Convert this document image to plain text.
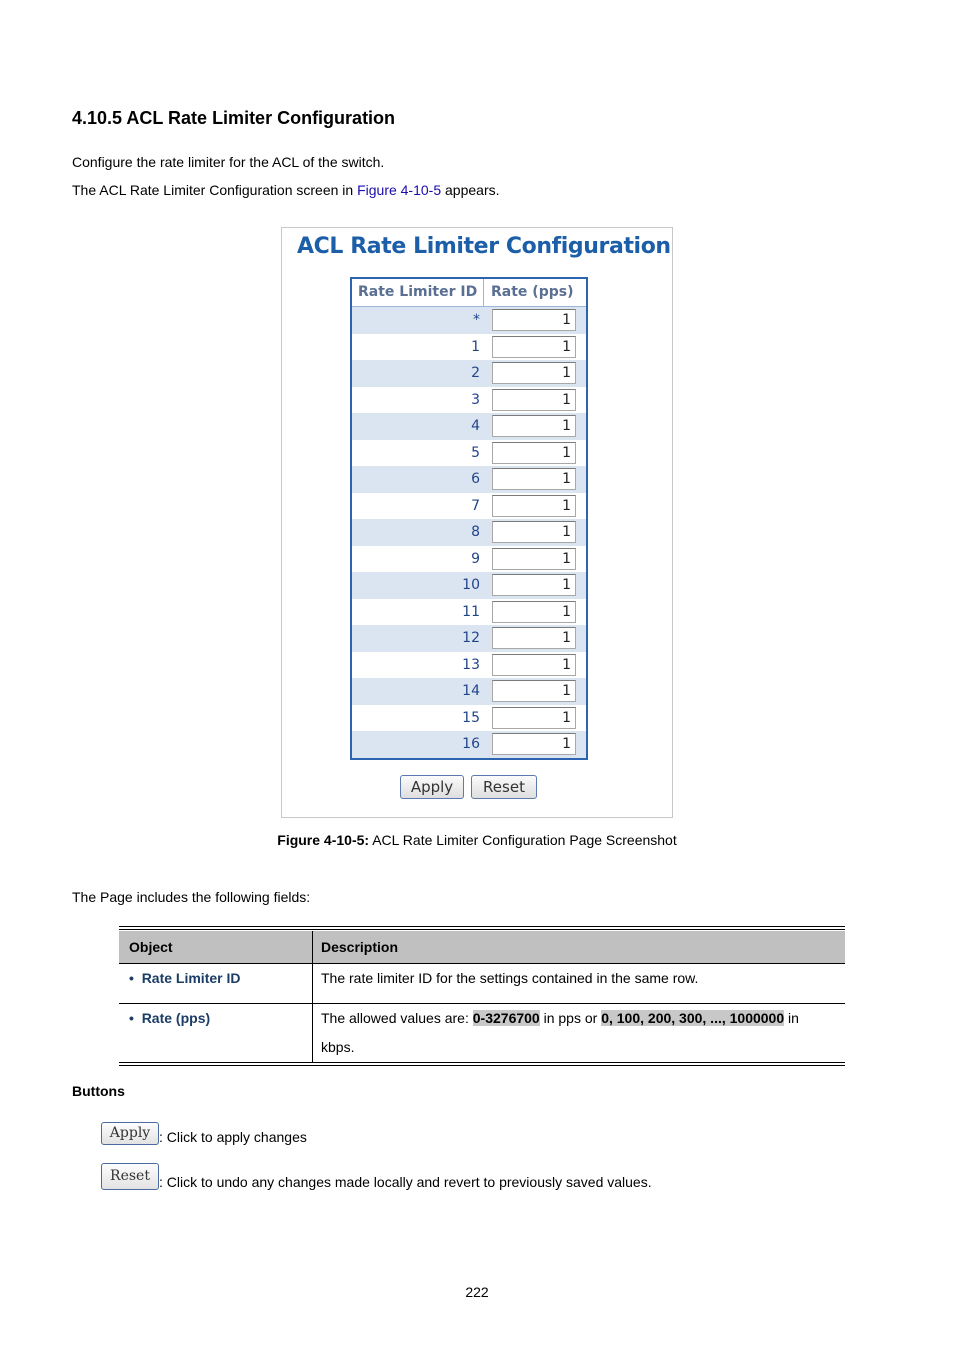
4.10.5 ACL Rate Limiter Configuration
Configure the rate limiter for the ACL of the switch.
The ACL Rate Limiter Configuration screen in Figure 4-10-5 appears.
ACL Rate Limiter Configuration
Rate Limiter ID Rate (pps)
*	1
1	1
2	1
3	1
4	1
5	1
6	1
7	1
8	1
9	1
10	1
11	1
12	1
13	1
14	1
15	1
16	1
Apply	Reset
Figure 4-10-5: ACL Rate Limiter Configuration Page Screenshot
The Page includes the following fields:
Object	Description
•  Rate Limiter ID	The rate limiter ID for the settings contained in the same row.
•  Rate (pps)	The allowed values are: 0-3276700 in pps or 0, 100, 200, 300, ..., 1000000 in
kbps.
Buttons
Apply : Click to apply changes
Reset : Click to undo any changes made locally and revert to previously saved values.
222
